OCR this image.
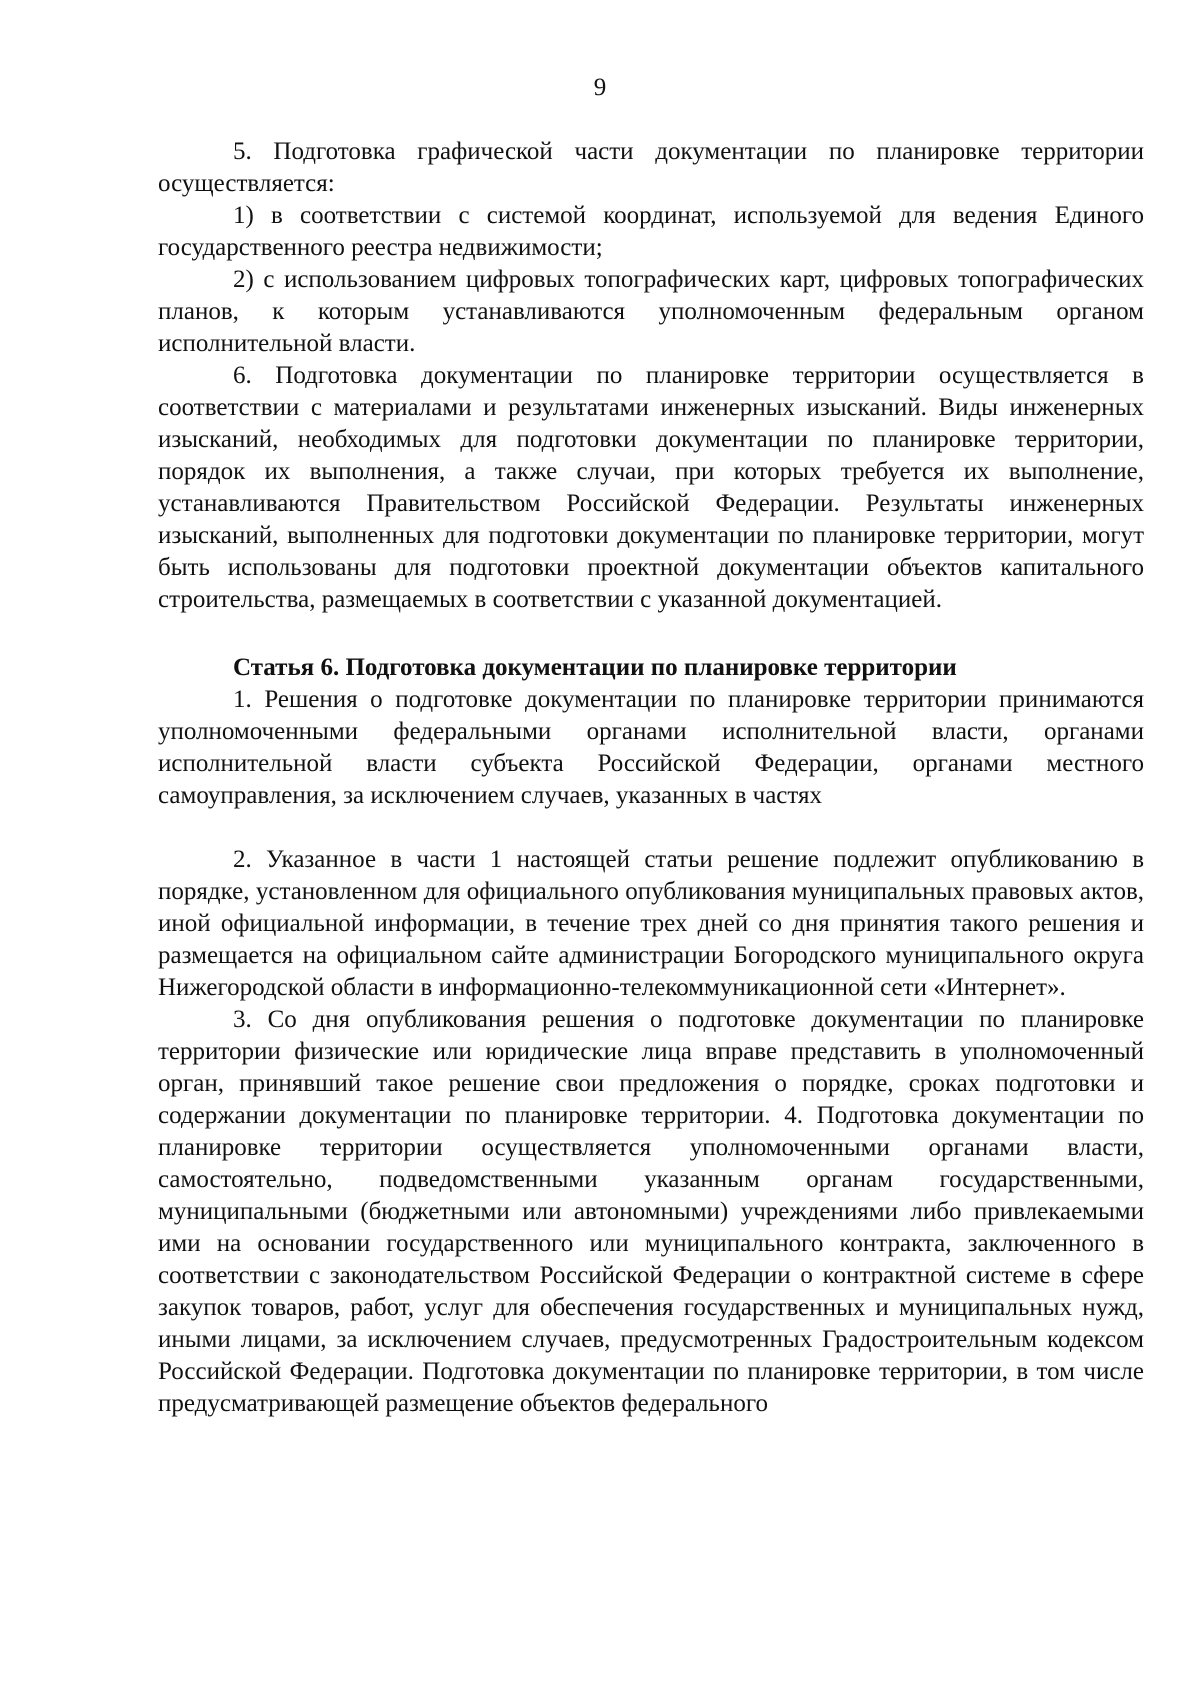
9

5. Подготовка графической части документации по планировке территории осуществляется:

1) в соответствии с системой координат, используемой для ведения Единого государственного реестра недвижимости;

2) с использованием цифровых топографических карт, цифровых топографических планов, к которым устанавливаются уполномоченным федеральным органом исполнительной власти.

6. Подготовка документации по планировке территории осуществляется в соответствии с материалами и результатами инженерных изысканий. Виды инженерных изысканий, необходимых для подготовки документации по планировке территории, порядок их выполнения, а также случаи, при которых требуется их выполнение, устанавливаются Правительством Российской Федерации. Результаты инженерных изысканий, выполненных для подготовки документации по планировке территории, могут быть использованы для подготовки проектной документации объектов капитального строительства, размещаемых в соответствии с указанной документацией.

Статья 6. Подготовка документации по планировке территории

1. Решения о подготовке документации по планировке территории принимаются уполномоченными федеральными органами исполнительной власти, органами исполнительной власти субъекта Российской Федерации, органами местного самоуправления, за исключением случаев, указанных в частях

2. Указанное в части 1 настоящей статьи решение подлежит опубликованию в порядке, установленном для официального опубликования муниципальных правовых актов, иной официальной информации, в течение трех дней со дня принятия такого решения и размещается на официальном сайте администрации Богородского муниципального округа Нижегородской области в информационно-телекоммуникационной сети «Интернет».

3. Со дня опубликования решения о подготовке документации по планировке территории физические или юридические лица вправе представить в уполномоченный орган, принявший такое решение свои предложения о порядке, сроках подготовки и содержании документации по планировке территории. 4. Подготовка документации по планировке территории осуществляется уполномоченными органами власти, самостоятельно, подведомственными указанным органам государственными, муниципальными (бюджетными или автономными) учреждениями либо привлекаемыми ими на основании государственного или муниципального контракта, заключенного в соответствии с законодательством Российской Федерации о контрактной системе в сфере закупок товаров, работ, услуг для обеспечения государственных и муниципальных нужд, иными лицами, за исключением случаев, предусмотренных Градостроительным кодексом Российской Федерации. Подготовка документации по планировке территории, в том числе предусматривающей размещение объектов федерального
